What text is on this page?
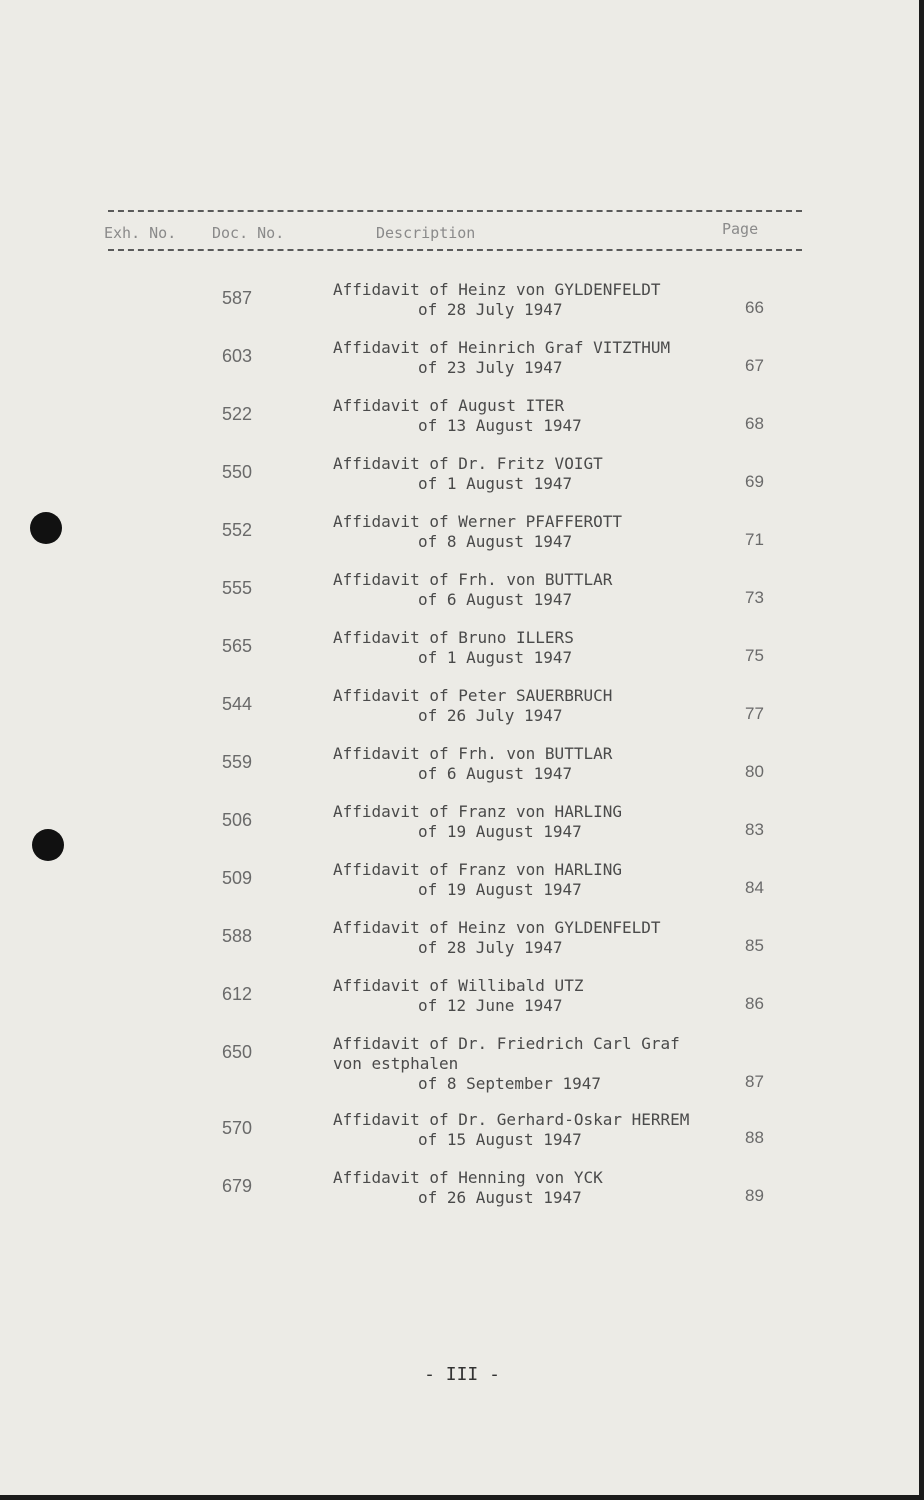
Exh. No. Doc. No.	Description	Page
587	Affidavit of Heinz von GYLDENFELDT
of 28 July 1947	66
603	Affidavit of Heinrich Graf VITZTHUM
of 23 July 1947	67
522	Affidavit of August ITER
of 13 August 1947	68
550	Affidavit of Dr. Fritz VOIGT
of 1 August 1947	69
552	Affidavit of Werner PFAFFEROTT
of 8 August 1947	71
555	Affidavit of Frh. von BUTTLAR
of 6 August 1947	73
565	Affidavit of Bruno ILLERS
of 1 August 1947	75
544	Affidavit of Peter SAUERBRUCH
of 26 July 1947	77
559	Affidavit of Frh. von BUTTLAR
of 6 August 1947	80
506	Affidavit of Franz von HARLING
of 19 August 1947	83
509	Affidavit of Franz von HARLING
of 19 August 1947	84
588	Affidavit of Heinz von GYLDENFELDT
of 28 July 1947	85
612	Affidavit of Willibald UTZ
of 12 June 1947	86
650	Affidavit of Dr. Friedrich Carl Graf
von estphalen
of 8 September 1947	87
570	Affidavit of Dr. Gerhard-Oskar HERREM
of 15 August 1947	88
679	Affidavit of Henning von YCK
of 26 August 1947	89
- III -
